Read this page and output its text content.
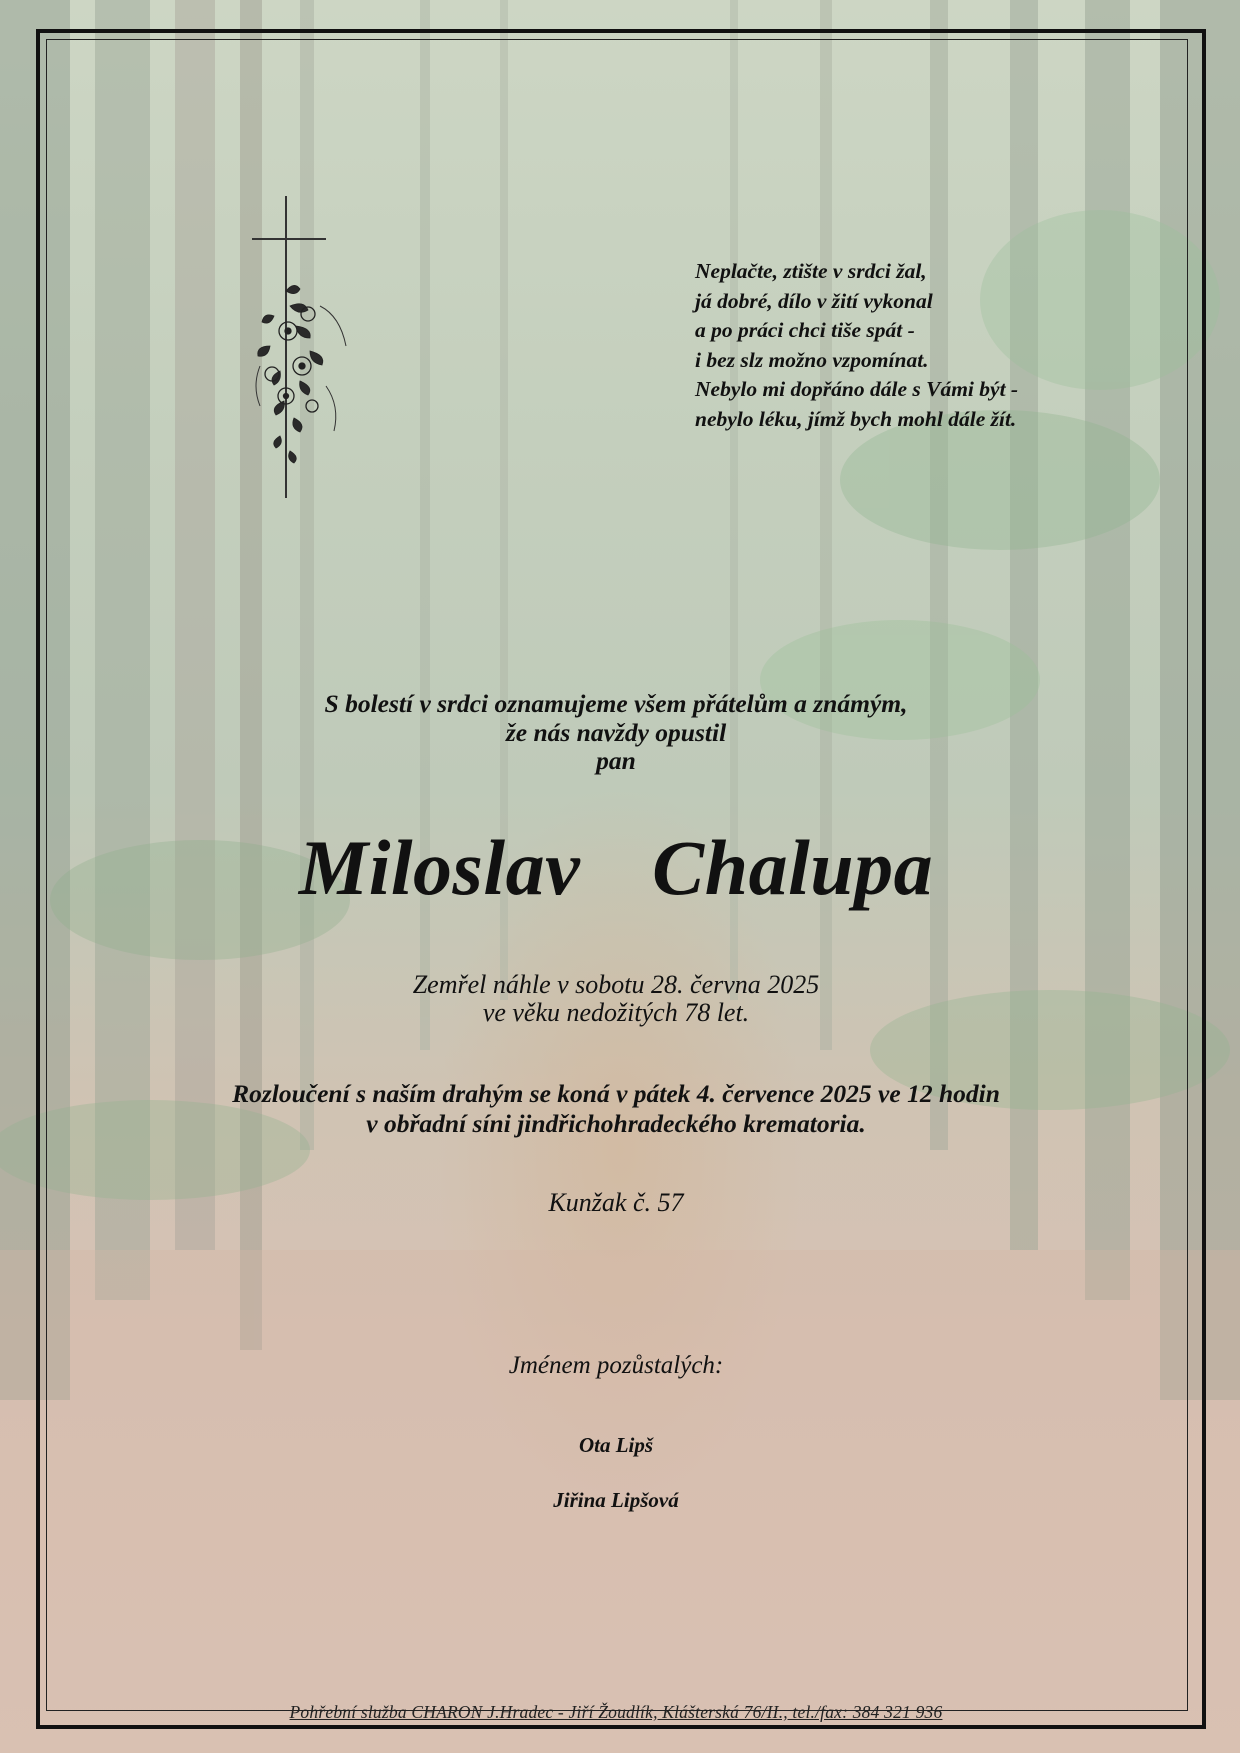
Neplačte, ztište v srdci žal,
já dobré, dílo v žití vykonal
a po práci chci tiše spát -
i bez slz možno vzpomínat.
Nebylo mi dopřáno dále s Vámi být -
nebylo léku, jímž bych mohl dále žít.
S bolestí v srdci oznamujeme všem přátelům a známým,
že nás navždy opustil
pan
Miloslav  Chalupa
Zemřel náhle v sobotu 28. června 2025
ve věku nedožitých 78 let.
Rozloučení s naším drahým se koná v pátek 4. července 2025 ve 12 hodin
v obřadní síni jindřichohradeckého krematoria.
Kunžak č. 57
Jménem pozůstalých:
Ota Lipš
Jiřina Lipšová
Pohřební služba CHARON J.Hradec - Jiří Žoudlík, Klášterská 76/II., tel./fax: 384 321 936
